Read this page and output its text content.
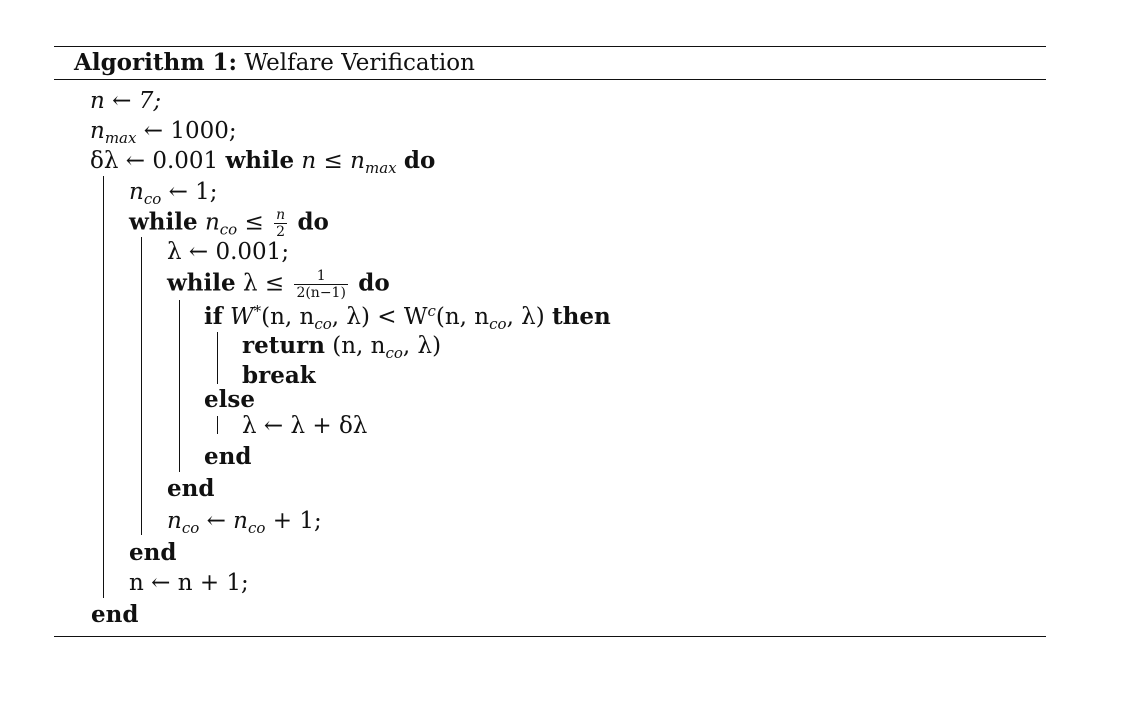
Algorithm 1: Welfare Verification
n ← 7;
$n_{max}$ ← 1000;
δλ ← 0.001 while $n \le n_{max}$ do
$n_{co}$ ← 1;
while $n_{co} \le \frac{n}{2}$ do
λ ← 0.001;
while $\lambda \le \frac{1}{2(n-1)}$ do
if W*(n, $n_{co}$, $\lambda) < W^c(n$, $n_{co}$, λ) then
return (n, $n_{co}$, λ)
break
else
λ ← λ + δλ
end
end
$n_{co}$ ← $n_{co} + 1$;
end
n ← n + 1;
end
